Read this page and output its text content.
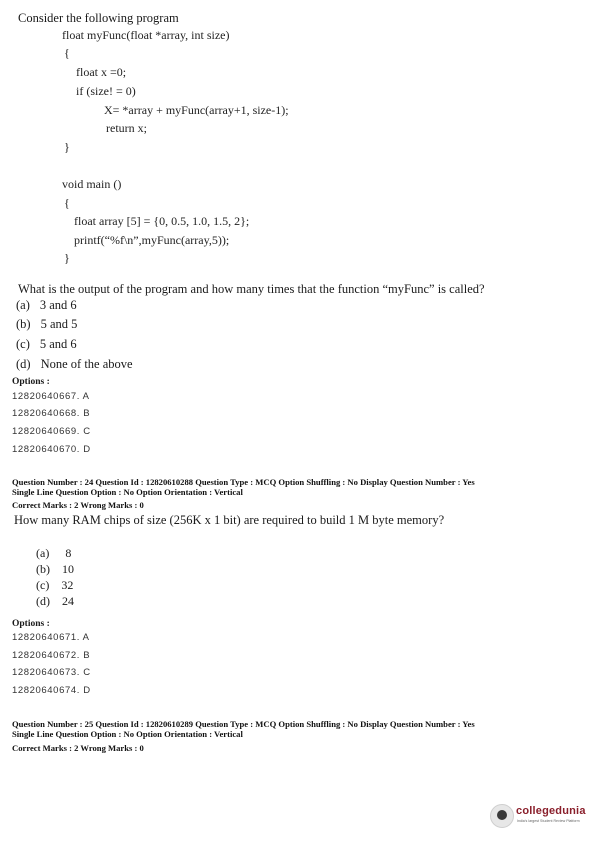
Consider the following program
float myFunc(float *array, int size)
{
float x =0;
if (size! = 0)
X= *array + myFunc(array+1, size-1);
return x;
}
void main ()
{
float array [5] = {0, 0.5, 1.0, 1.5, 2};
printf(“%f\n”,myFunc(array,5));
}
What is the output of the program and how many times that the function “myFunc” is called?
(a) 3 and 6
(b) 5 and 5
(c) 5 and 6
(d) None of the above
Options :
12820640667. A
12820640668. B
12820640669. C
12820640670. D
Question Number : 24 Question Id : 12820610288 Question Type : MCQ Option Shuffling : No Display Question Number : Yes
Single Line Question Option : No Option Orientation : Vertical
Correct Marks : 2 Wrong Marks : 0
How many RAM chips of size (256K x 1 bit) are required to build 1 M byte memory?
(a) 8
(b) 10
(c) 32
(d) 24
Options :
12820640671. A
12820640672. B
12820640673. C
12820640674. D
Question Number : 25 Question Id : 12820610289 Question Type : MCQ Option Shuffling : No Display Question Number : Yes
Single Line Question Option : No Option Orientation : Vertical
Correct Marks : 2 Wrong Marks : 0
collegedunia
India's largest Student Review Platform
